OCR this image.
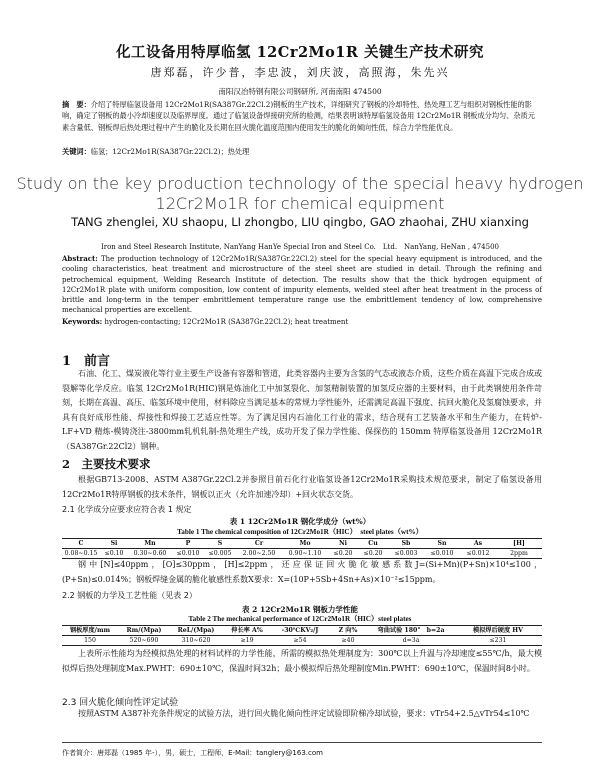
化工设备用特厚临氢 12Cr2Mo1R 关键生产技术研究
唐郑磊，许少普，李忠波，刘庆波，高照海，朱先兴
南阳汉冶特钢有限公司钢研所, 河南南阳 474500
摘　要：介绍了特厚临氢设备用 12Cr2Mo1R(SA387Gr.22Cl.2)钢板的生产技术，详细研究了钢板的冷却特性、热处理工艺与组织对钢板性能的影响，确定了钢板的最小冷却速度以及临界厚度。通过了临氢设备焊接研究所的检测，结果表明该特厚临氢设备用 12Cr2Mo1R 钢板成分均匀、杂质元素含量低、钢板焊后热处理过程中产生的脆化及长期在回火脆化温度范围内使用发生的脆化的倾向性低，综合力学性能优良。
关键词：临氢；12Cr2Mo1R(SA387Gr.22Cl.2)；热处理
Study on the key production technology of the special heavy hydrogen
12Cr2Mo1R for chemical equipment
TANG zhenglei, XU shaopu, LI zhongbo, LIU qingbo, GAO zhaohai, ZHU xianxing
Iron and Steel Research Institute, NanYang HanYe Special Iron and Steel Co.　Ltd.　NanYang, HeNan , 474500
Abstract: The production technology of 12Cr2Mo1R(SA387Gr.22Cl.2) steel for the special heavy equipment is introduced, and the cooling characteristics, heat treatment and microstructure of the steel sheet are studied in detail. Through the refining and petrochemical equipment, Welding Research Institute of detection. The results show that the thick hydrogen equipment of 12Cr2Mo1R plate with uniform composition, low content of impurity elements, welded steel after heat treatment in the process of brittle and long-term in the temper embrittlement temperature range use the embrittlement tendency of low, comprehensive mechanical properties are excellent.
Keywords: hydrogen-contacting; 12Cr2Mo1R (SA387Gr.22Cl.2); heat treatment
1　前言
石油、化工、煤炭液化等行业主要生产设备有容器和管道，此类容器内主要为含氢的气态或液态介质，这些介质在高温下完成合成或裂解等化学反应。临氢 12Cr2Mo1R(HIC)钢是炼油化工中加氢裂化、加氢精制装置的加氢反应器的主要材料，由于此类钢使用条件苛刻，长期在高温、高压、临氢环境中使用，材料除应当满足基本的常规力学性能外，还需满足高温下强度、抗回火脆化及氢腐蚀要求，并具有良好成形性能、焊接性和焊接工艺适应性等。为了满足国内石油化工行业的需求，结合现有工艺装备水平和生产能力，在转炉-LF+VD 精炼-模铸浇注-3800mm轧机轧制-热处理生产线，成功开发了保力学性能、保探伤的 150mm 特厚临氢设备用 12Cr2Mo1R（SA387Gr.22Cl2）钢种。
2　主要技术要求
根据GB713-2008、ASTM A387Gr.22Cl.2并参照目前石化行业临氢设备12Cr2Mo1R采购技术规范要求，制定了临氢设备用12Cr2Mo1R特厚钢板的技术条件，钢板以正火（允许加速冷却）+回火状态交货。
2.1 化学成分应要求应符合表 1 规定
表 1 12Cr2Mo1R 钢化学成分（wt%）
Table 1 The chemical composition of 12Cr2Mo1R（HIC）　steel plates（wt%）
C	Si	Mn	P	S	Cr	Mo	Ni	Cu	Sb	Sn	As	[H]
0.08~0.15	≤0.10	0.30~0.60	≤0.010	≤0.005	2.00~2.50	0.90~1.10	≤0.20	≤0.20	≤0.003	≤0.010	≤0.012	2ppm
钢中[N]≤40ppm，[O]≤30ppm，[H]≤2ppm，还应保证回火脆化敏感系数J=(Si+Mn)(P+Sn)×10⁴≤100，(P+Sn)≤0.014%；钢板焊缝金属的脆化敏感性系数X要求：X=(10P+5Sb+4Sn+As)×10⁻²≤15ppm。
2.2 钢板的力学及工艺性能（见表 2）
表 2 12Cr2Mo1R 钢板力学性能
Table 2 The mechanical performance of 12Cr2Mo1R（HIC）steel plates
钢板厚度/mm	Rm/(Mpa)	ReL/(Mpa)	伸长率 A%	-30℃KV₂/J	Z 向%	弯曲试验 180°　b=2a	模拟焊后硬度 HV
150	520~690	310~620	≥19	≥54	≥40	d=3a	≤231
上表所示性能均为经模拟热处理的材料试样的力学性能，所需的模拟热处理制度为：300℃以上升温与冷却速度≤55℃/h，最大模拟焊后热处理制度Max.PWHT：690±10℃，保温时间32h；最小模拟焊后热处理制度Min.PWHT：690±10℃，保温时间8小时。
2.3 回火脆化倾向性评定试验
按照ASTM A387补充条件规定的试验方法，进行回火脆化倾向性评定试验即阶梯冷却试验，要求：vTr54+2.5△vTr54≤10℃
作者简介：唐郑磊（1985 年-），男，硕士，工程师，E-Mail：tanglery@163.com
